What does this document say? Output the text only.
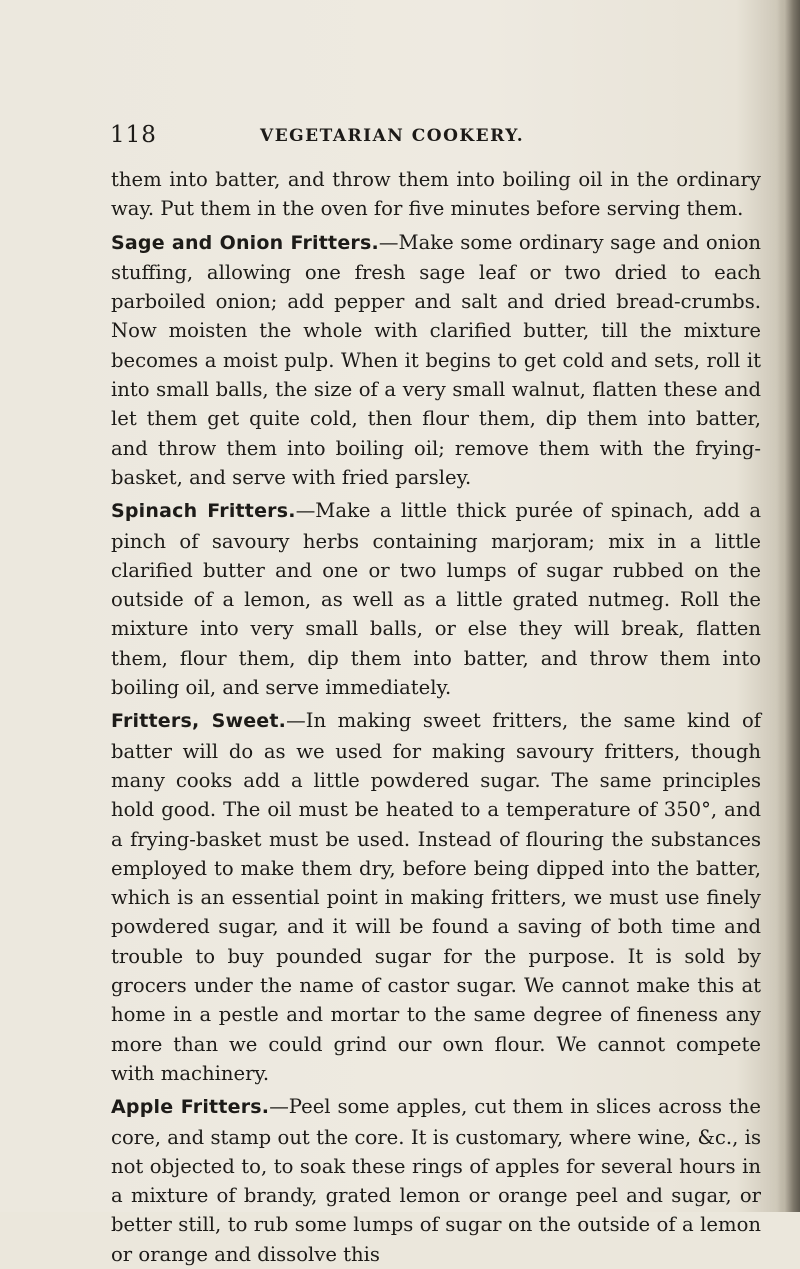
118	VEGETARIAN COOKERY.

them into batter, and throw them into boiling oil in the ordinary way. Put them in the oven for five minutes before serving them.

Sage and Onion Fritters.—Make some ordinary sage and onion stuffing, allowing one fresh sage leaf or two dried to each parboiled onion; add pepper and salt and dried bread-crumbs. Now moisten the whole with clarified butter, till the mixture becomes a moist pulp. When it begins to get cold and sets, roll it into small balls, the size of a very small walnut, flatten these and let them get quite cold, then flour them, dip them into batter, and throw them into boiling oil; remove them with the frying-basket, and serve with fried parsley.

Spinach Fritters.—Make a little thick purée of spinach, add a pinch of savoury herbs containing marjoram; mix in a little clarified butter and one or two lumps of sugar rubbed on the outside of a lemon, as well as a little grated nutmeg. Roll the mixture into very small balls, or else they will break, flatten them, flour them, dip them into batter, and throw them into boiling oil, and serve immediately.

Fritters, Sweet.—In making sweet fritters, the same kind of batter will do as we used for making savoury fritters, though many cooks add a little powdered sugar. The same principles hold good. The oil must be heated to a temperature of 350°, and a frying-basket must be used. Instead of flouring the substances employed to make them dry, before being dipped into the batter, which is an essential point in making fritters, we must use finely powdered sugar, and it will be found a saving of both time and trouble to buy pounded sugar for the purpose. It is sold by grocers under the name of castor sugar. We cannot make this at home in a pestle and mortar to the same degree of fineness any more than we could grind our own flour. We cannot compete with machinery.

Apple Fritters.—Peel some apples, cut them in slices across the core, and stamp out the core. It is customary, where wine, &c., is not objected to, to soak these rings of apples for several hours in a mixture of brandy, grated lemon or orange peel and sugar, or better still, to rub some lumps of sugar on the outside of a lemon or orange and dissolve this
